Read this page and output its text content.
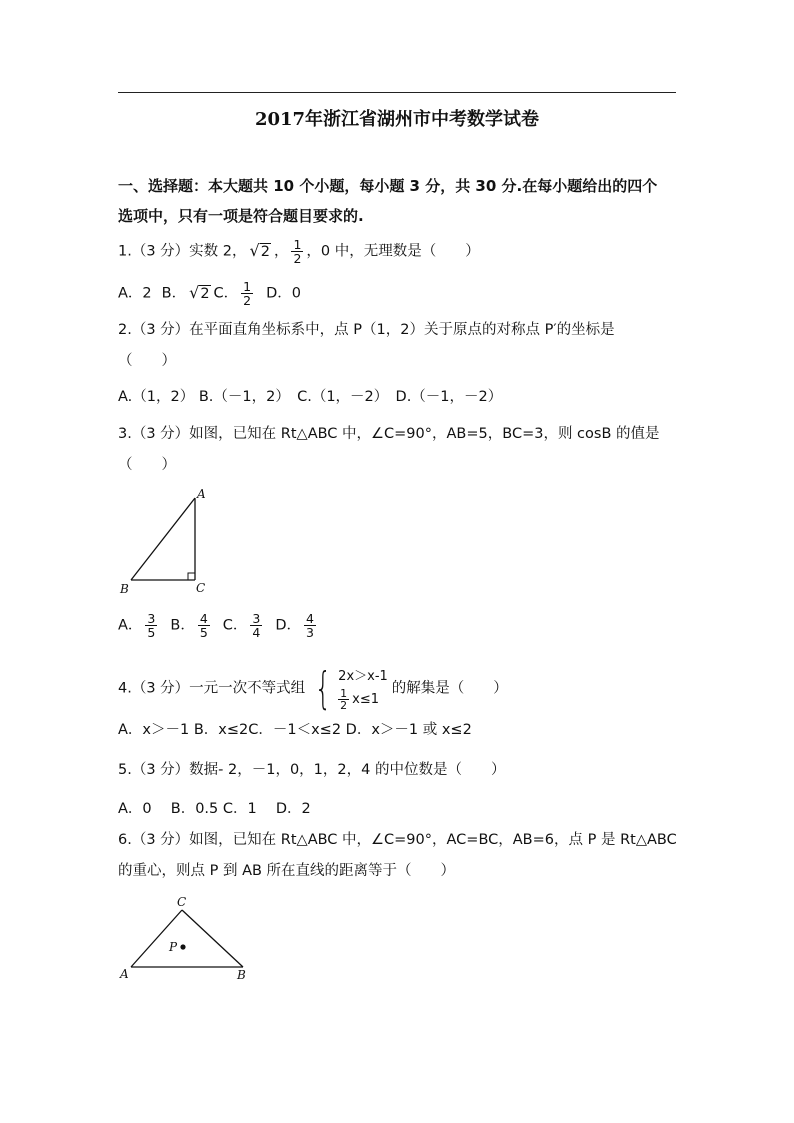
2017年浙江省湖州市中考数学试卷
一、选择题：本大题共 10 个小题，每小题 3 分，共 30 分.在每小题给出的四个
选项中，只有一项是符合题目要求的.
1.（3 分）实数 2， √2 ， $\frac{1}{2}$ ，0 中，无理数是（　　）
A．2 B． √2 C． $\frac{1}{2}$ D．0
2.（3 分）在平面直角坐标系中，点 P（1，2）关于原点的对称点 P′的坐标是
（　　）
A.（1，2） B.（－1，2）　C.（1，－2）　D.（－1，－2）
3.（3 分）如图，已知在 Rt△ABC 中，∠C=90°，AB=5，BC=3，则 cosB 的值是
（　　）
A
B	C
A． $\frac{3}{5}$ B． $\frac{4}{5}$ C． $\frac{3}{4}$ D． $\frac{4}{3}$
4.（3 分）一元一次不等式组 { 2x＞x-1
$\frac{1}{2} x\le 1$
的解集是（　　）
A．x＞－1 B．x≤2C．－1＜x≤2 D．x＞－1 或 x≤2
5.（3 分）数据- 2，－1，0，1，2，4 的中位数是（　　）
A．0　 B．0.5 C．1　 D．2
6.（3 分）如图，已知在 Rt△ABC 中，∠C=90°，AC=BC，AB=6，点 P 是 Rt△ABC
的重心，则点 P 到 AB 所在直线的距离等于（　　）
C
P
A	B
